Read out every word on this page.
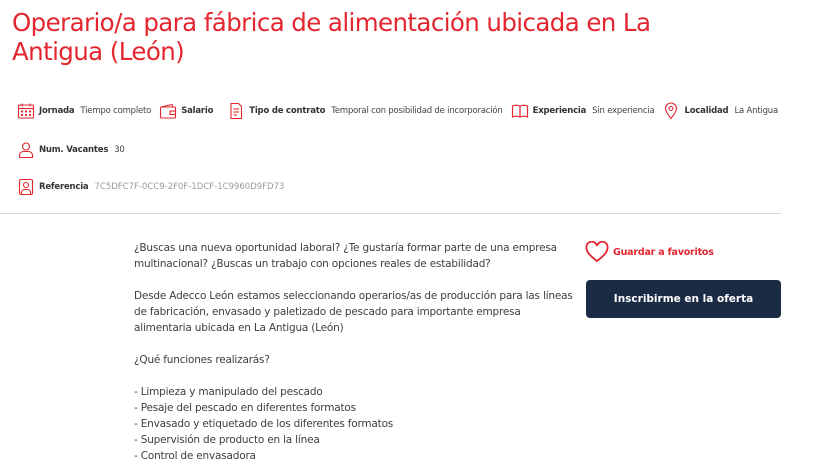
Operario/a para fábrica de alimentación ubicada en La Antigua (León)
Jornada Tiempo completo	Salario	Tipo de contrato Temporal con posibilidad de incorporación	Experiencia Sin experiencia	Localidad La Antigua
Num. Vacantes 30
Referencia 7C5DFC7F-0CC9-2F0F-1DCF-1C9960D9FD73

¿Buscas una nueva oportunidad laboral? ¿Te gustaría formar parte de una empresa multinacional? ¿Buscas un trabajo con opciones reales de estabilidad?

Desde Adecco León estamos seleccionando operarios/as de producción para las líneas de fabricación, envasado y paletizado de pescado para importante empresa alimentaria ubicada en La Antigua (León)

¿Qué funciones realizarás?

- Limpieza y manipulado del pescado
- Pesaje del pescado en diferentes formatos
- Envasado y etiquetado de los diferentes formatos
- Supervisión de producto en la línea
- Control de envasadora
Guardar a favoritos
Inscribirme en la oferta
